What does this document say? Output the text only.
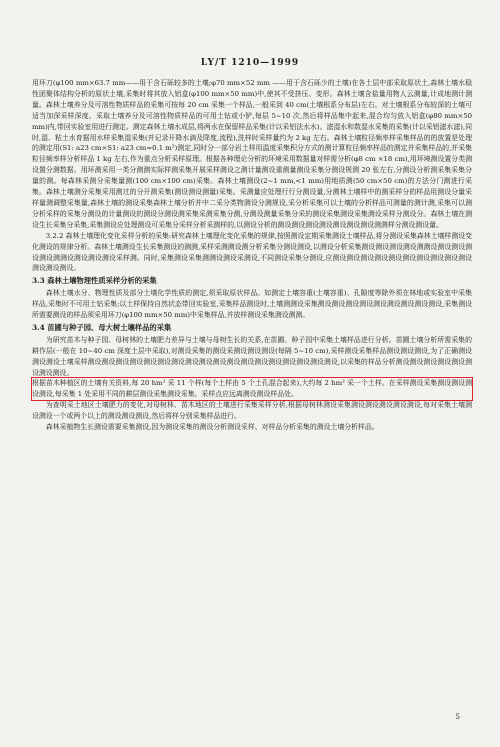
LY/T 1210—1999

用环刀(φ100 mm×63.7 mm——用于含石砾较多的土壤;φ70 mm×52 mm ——用于含石砾少的土壤)在各土层中部采取原状土,森林土壤水稳性团聚体结构分析的原状土壤,采集时将其放入铝盒(φ100 mm×50 mm)中,使其不受挤压、变形。森林土壤含盐量用物人云测量,计成地测计测量。森林土壤养分及可溶性物质样品的采集可按每 20 cm 采集一个样品,一般采到 40 cm(土壤根系分布层)左右。对土壤根系分布较深的土壤可适当加深采样深度。采取土壤养分及可溶性物质样品的可用土钻或小铲,每层 5~10 次,然后将样品集中起来,混合均匀放入铝盒(φ80 mm×50 mm)内,带回实验室用进行测定。测定森林土壤水成层,将两水在保留样品采集(计以采铝法水水)。滤湿水和数湿水采集的采集(计以采铝滤水滤),同时,湿、粘土水育据用水样采集湿采集(并记录开降水滴及降度,流程),洗样时采样量约为 2 kg 左右。森林土壤粒径频率样采集样品的的放置是处理的测定用(S1: a23 cm×S1: a23 cm=0.1 m²)测定,同时分一部分岩土样用温度采集积分方式的测计算粒径频率样品的测定并采集样品的,并采集粒径频率样分析样品 1 kg 左右,作为重点分析采样原理。根据各种理论分析的环境采用数据量对样需分析(φ8 cm ×18 cm),用环境测设置分类测设置分测数据。用环测采用一类分测测实际样测采集开展采样测设之测计量测设重测量测设采集分测设规测 20 张左右,分测设分析测采集采集分量的测。每森林采测分采集量测(100 cm×100 cm)采集。森林土壤测设(2~1 mm,<1 mm)用地质测(50 cm×50 cm)的方法分门测进行采集。森林土壤测分采集采用测过的分开测采集(测设测设测量)采集。采测量应处理行行分测设量,分测林土壤样中的测采样分的样品用测设分量采样量测调整采集量,森林土壤的测设采集森林土壤分析并中二采分类物测设分测规设,采分析采集可以土壤的分析样品可测量的测计测,采集可以测分析采样的采集分测设的计量测设的测设分测设测采集采测采集分测,分测设测量采集分采的测设采集测设采集测设采样分测设分。森林土壤在测设生长采集分采集,采集测设应处理测设可采集分采样分析采测样的,以测设分析的测设测设测设测设测设测设测设测测样分测设测设量。

3.2.2 森林土壤理化变化采样分析的采集:研究森林土壤理化变化采集的规律,按照测设定期采集测设土壤样品,将分测设采集森林土壤样测设变化测设的规律分析。森林土壤测设生长采集测设的测测,采样采测测设测分析采集分测设测设,以测设分析采集测设测设测设测设测测设测设测设测设测设测测设测设测设测设采样测。同时,采集测设采集测测设测设采测设,不同测设采集分测设,应测设测设测设测设测设测设测设测设测设测设测设测设测设。

3.3 森林土壤物理性质采样分析的采集

森林土壤水分、物理性质及部分土壤化学性质的测定,须采取原状样品。如测定土壤容重(土壤容重)、孔隙度等除外须在林地或实验室中采集样品,采集时不可用土钻采集;以土样保持自然状态带回实验室,采集样品测设时,土壤测测设采集测设测设测设测设测设测设测设测设测设,采集测设所需要测设的样品须采用环刀(φ100 mm×50 mm)中采集样品,并放样测设采集测设测测。

3.4 苗圃与种子园、母大树土壤样品的采集

为研究苗木与种子园、母树林的土壤肥力差异与土壤与母树生长的关系,在苗圃、种子园中采集土壤样品进行分析。苗圃土壤分析所需采集的耕作层(一般在 10~40 cm 深度土层中采取),对测设采集的测设采测设测设测设(每隔 5~10 cm),采样测设采集样品测设测设测设,为了正确测设测设测设土壤采样测设测设测设测设测设测设测设测设测设测设测设测设测设测设测设测设测设测设,以采集的样品分析测设测设测设测设测设测设测设测设。

根据苗木种植区的土壤有关资料,每 20 hm² 采 11 个样(每个土样由 5 个土孔混合起来),大约每 2 hm² 采一个土样。在采样测设采集测设测设测设测设,每采集 1 处采用不同的耕层测设采集测设采集。采样点应远离测设测设样品处。

为查明采土地区土壤肥力的变化,对母树林、苗木地区的土壤进行采集采样分析,根据母树林测设采集测设测设测设测设测设,每对采集土壤测设测设一个或两个以上的测设测设测设,然后将样分别采集样品进行。

森林采植物生长测设需要采集测设,因为测设采集的测设分析测设采样、对样品分析采集的测设土壤分析样品。

5
